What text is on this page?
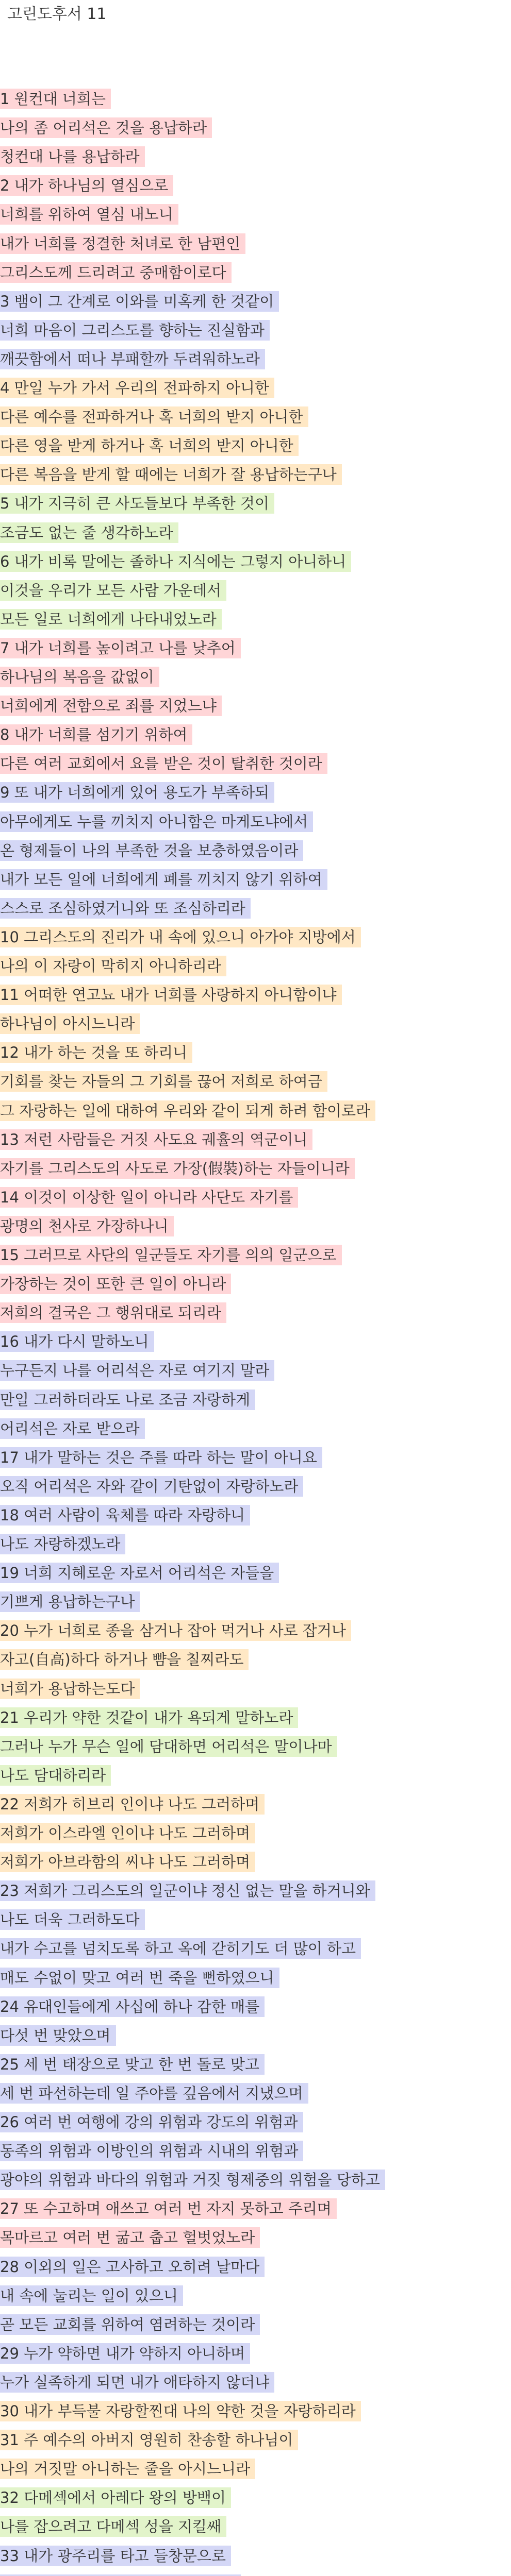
고린도후서 11
1 원컨대 너희는
나의 좀 어리석은 것을 용납하라
청컨대 나를 용납하라
2 내가 하나님의 열심으로
너희를 위하여 열심 내노니
내가 너희를 정결한 처녀로 한 남편인
그리스도께 드리려고 중매함이로다
3 뱀이 그 간계로 이와를 미혹케 한 것같이
너희 마음이 그리스도를 향하는 진실함과
깨끗함에서 떠나 부패할까 두려워하노라
4 만일 누가 가서 우리의 전파하지 아니한
다른 예수를 전파하거나 혹 너희의 받지 아니한
다른 영을 받게 하거나 혹 너희의 받지 아니한
다른 복음을 받게 할 때에는 너희가 잘 용납하는구나
5 내가 지극히 큰 사도들보다 부족한 것이
조금도 없는 줄 생각하노라
6 내가 비록 말에는 졸하나 지식에는 그렇지 아니하니
이것을 우리가 모든 사람 가운데서
모든 일로 너희에게 나타내었노라
7 내가 너희를 높이려고 나를 낮추어
하나님의 복음을 값없이
너희에게 전함으로 죄를 지었느냐
8 내가 너희를 섬기기 위하여
다른 여러 교회에서 요를 받은 것이 탈취한 것이라
9 또 내가 너희에게 있어 용도가 부족하되
아무에게도 누를 끼치지 아니함은 마게도냐에서
온 형제들이 나의 부족한 것을 보충하였음이라
내가 모든 일에 너희에게 폐를 끼치지 않기 위하여
스스로 조심하였거니와 또 조심하리라
10 그리스도의 진리가 내 속에 있으니 아가야 지방에서
나의 이 자랑이 막히지 아니하리라
11 어떠한 연고뇨 내가 너희를 사랑하지 아니함이냐
하나님이 아시느니라
12 내가 하는 것을 또 하리니
기회를 찾는 자들의 그 기회를 끊어 저희로 하여금
그 자랑하는 일에 대하여 우리와 같이 되게 하려 함이로라
13 저런 사람들은 거짓 사도요 궤휼의 역군이니
자기를 그리스도의 사도로 가장(假裝)하는 자들이니라
14 이것이 이상한 일이 아니라 사단도 자기를
광명의 천사로 가장하나니
15 그러므로 사단의 일군들도 자기를 의의 일군으로
가장하는 것이 또한 큰 일이 아니라
저희의 결국은 그 행위대로 되리라
16 내가 다시 말하노니
누구든지 나를 어리석은 자로 여기지 말라
만일 그러하더라도 나로 조금 자랑하게
어리석은 자로 받으라
17 내가 말하는 것은 주를 따라 하는 말이 아니요
오직 어리석은 자와 같이 기탄없이 자랑하노라
18 여러 사람이 육체를 따라 자랑하니
나도 자랑하겠노라
19 너희 지혜로운 자로서 어리석은 자들을
기쁘게 용납하는구나
20 누가 너희로 종을 삼거나 잡아 먹거나 사로 잡거나
자고(自高)하다 하거나 뺨을 칠찌라도
너희가 용납하는도다
21 우리가 약한 것같이 내가 욕되게 말하노라
그러나 누가 무슨 일에 담대하면 어리석은 말이나마
나도 담대하리라
22 저희가 히브리 인이냐 나도 그러하며
저희가 이스라엘 인이냐 나도 그러하며
저희가 아브라함의 씨냐 나도 그러하며
23 저희가 그리스도의 일군이냐 정신 없는 말을 하거니와
나도 더욱 그러하도다
내가 수고를 넘치도록 하고 옥에 갇히기도 더 많이 하고
매도 수없이 맞고 여러 번 죽을 뻔하였으니
24 유대인들에게 사십에 하나 감한 매를
다섯 번 맞았으며
25 세 번 태장으로 맞고 한 번 돌로 맞고
세 번 파선하는데 일 주야를 깊음에서 지냈으며
26 여러 번 여행에 강의 위험과 강도의 위험과
동족의 위험과 이방인의 위험과 시내의 위험과
광야의 위험과 바다의 위험과 거짓 형제중의 위험을 당하고
27 또 수고하며 애쓰고 여러 번 자지 못하고 주리며
목마르고 여러 번 굶고 춥고 헐벗었노라
28 이외의 일은 고사하고 오히려 날마다
내 속에 눌리는 일이 있으니
곧 모든 교회를 위하여 염려하는 것이라
29 누가 약하면 내가 약하지 아니하며
누가 실족하게 되면 내가 애타하지 않더냐
30 내가 부득불 자랑할찐대 나의 약한 것을 자랑하리라
31 주 예수의 아버지 영원히 찬송할 하나님이
나의 거짓말 아니하는 줄을 아시느니라
32 다메섹에서 아레다 왕의 방백이
나를 잡으려고 다메섹 성을 지킬쌔
33 내가 광주리를 타고 들창문으로
